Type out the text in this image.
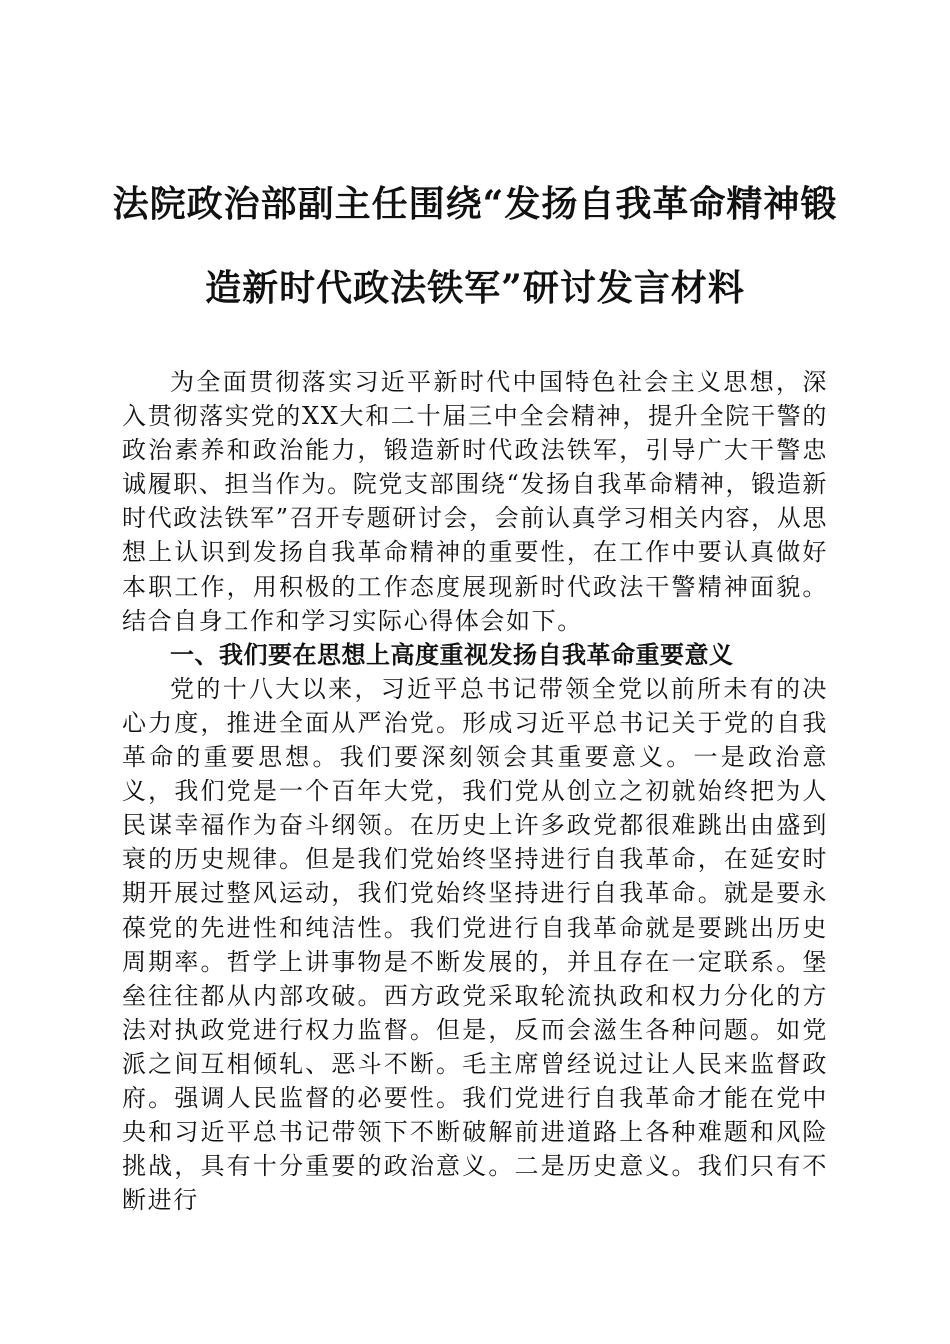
法院政治部副主任围绕“发扬自我革命精神锻
造新时代政法铁军”研讨发言材料

为全面贯彻落实习近平新时代中国特色社会主义思想，深入贯彻落实党的XX大和二十届三中全会精神，提升全院干警的政治素养和政治能力，锻造新时代政法铁军，引导广大干警忠诚履职、担当作为。院党支部围绕“发扬自我革命精神，锻造新时代政法铁军”召开专题研讨会，会前认真学习相关内容，从思想上认识到发扬自我革命精神的重要性，在工作中要认真做好本职工作，用积极的工作态度展现新时代政法干警精神面貌。结合自身工作和学习实际心得体会如下。

一、我们要在思想上高度重视发扬自我革命重要意义

党的十八大以来，习近平总书记带领全党以前所未有的决心力度，推进全面从严治党。形成习近平总书记关于党的自我革命的重要思想。我们要深刻领会其重要意义。一是政治意义，我们党是一个百年大党，我们党从创立之初就始终把为人民谋幸福作为奋斗纲领。在历史上许多政党都很难跳出由盛到衰的历史规律。但是我们党始终坚持进行自我革命，在延安时期开展过整风运动，我们党始终坚持进行自我革命。就是要永葆党的先进性和纯洁性。我们党进行自我革命就是要跳出历史周期率。哲学上讲事物是不断发展的，并且存在一定联系。堡垒往往都从内部攻破。西方政党采取轮流执政和权力分化的方法对执政党进行权力监督。但是，反而会滋生各种问题。如党派之间互相倾轧、恶斗不断。毛主席曾经说过让人民来监督政府。强调人民监督的必要性。我们党进行自我革命才能在党中央和习近平总书记带领下不断破解前进道路上各种难题和风险挑战，具有十分重要的政治意义。二是历史意义。我们只有不断进行
